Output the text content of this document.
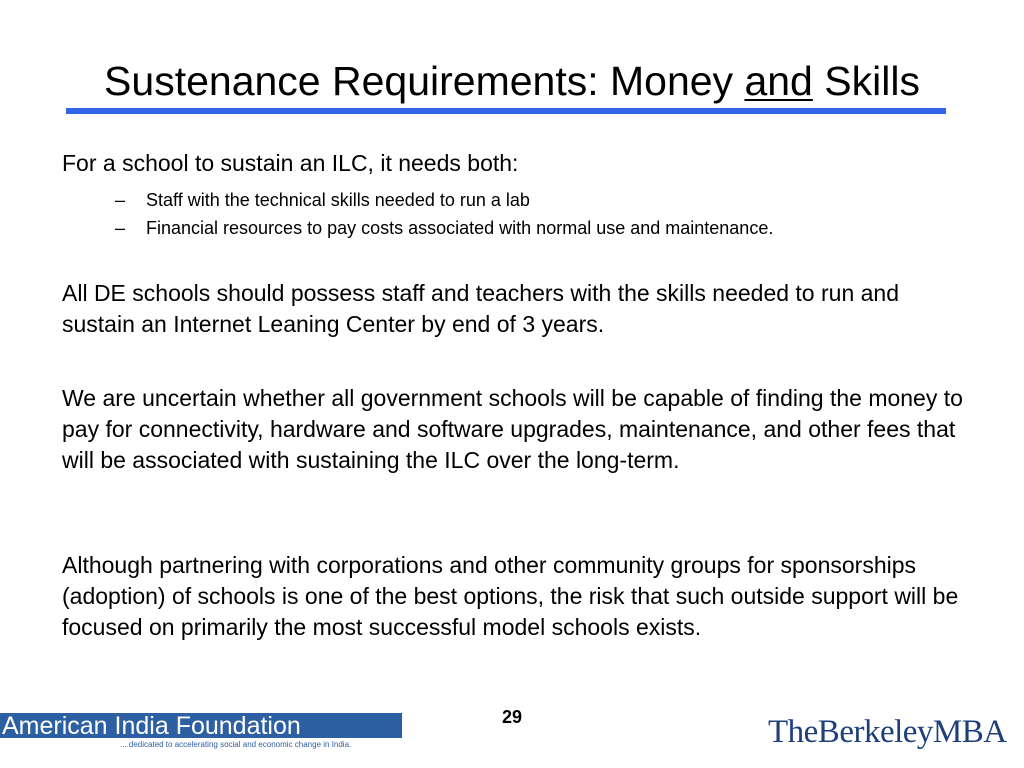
Sustenance Requirements: Money and Skills
For a school to sustain an ILC, it needs both:
– Staff with the technical skills needed to run a lab
– Financial resources to pay costs associated with normal use and maintenance.
All DE schools should possess staff and teachers with the skills needed to run and sustain an Internet Leaning Center by end of 3 years.
We are uncertain whether all government schools will be capable of finding the money to pay for connectivity, hardware and software upgrades, maintenance, and other fees that will be associated with sustaining the ILC over the long-term.
Although partnering with corporations and other community groups for sponsorships (adoption) of schools is one of the best options, the risk that such outside support will be focused on primarily the most successful model schools exists.
29
American India Foundation
....dedicated to accelerating social and economic change in India.	TheBerkeleyMBA
